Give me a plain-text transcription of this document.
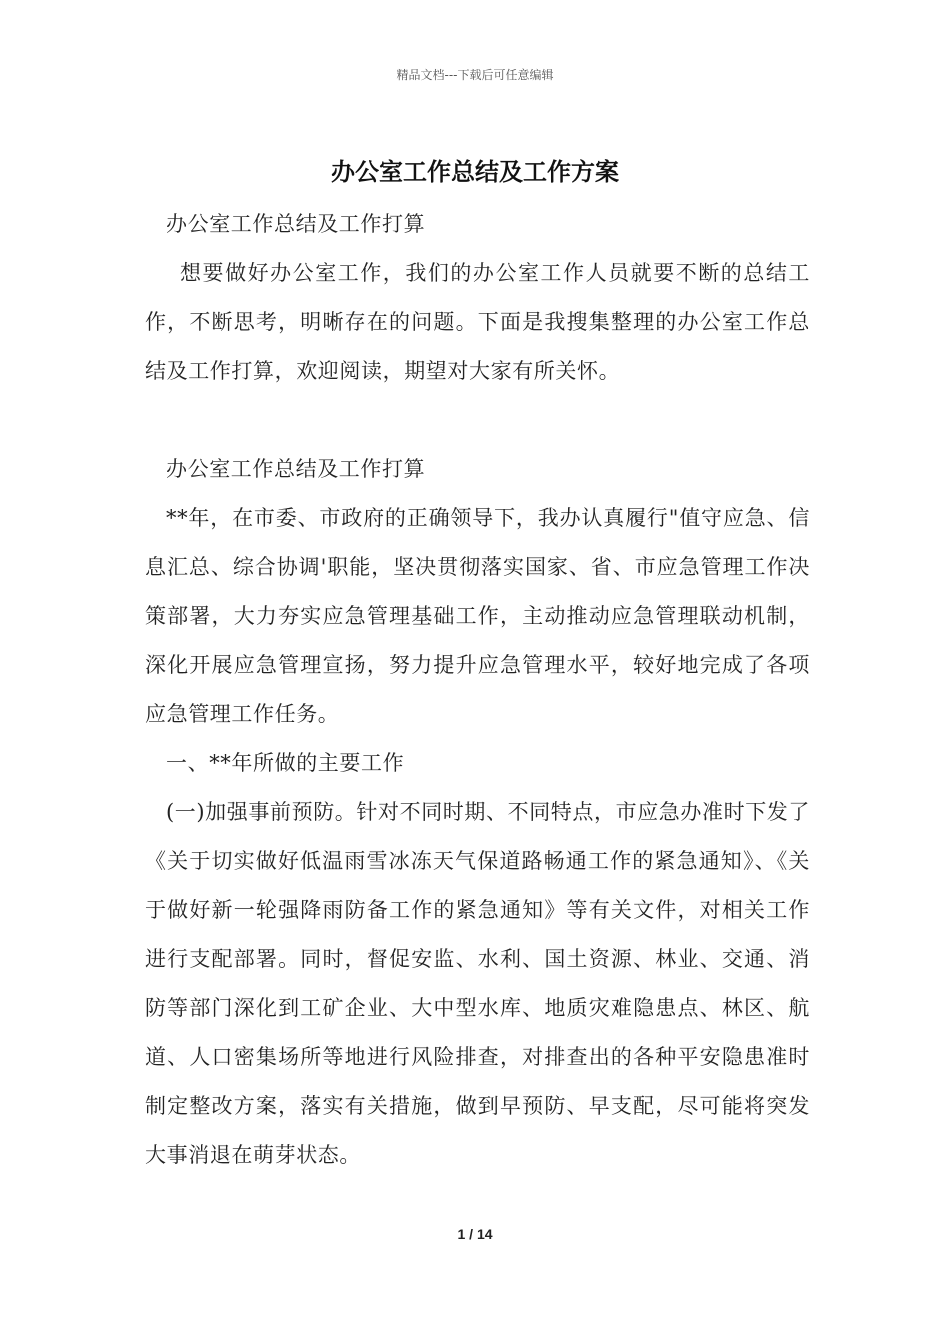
精品文档---下载后可任意编辑
办公室工作总结及工作方案

办公室工作总结及工作打算

想要做好办公室工作，我们的办公室工作人员就要不断的总结工作，不断思考，明晰存在的问题。下面是我搜集整理的办公室工作总结及工作打算，欢迎阅读，期望对大家有所关怀。

办公室工作总结及工作打算

**年，在市委、市政府的正确领导下，我办认真履行"值守应急、信息汇总、综合协调'职能，坚决贯彻落实国家、省、市应急管理工作决策部署，大力夯实应急管理基础工作，主动推动应急管理联动机制，深化开展应急管理宣扬，努力提升应急管理水平，较好地完成了各项应急管理工作任务。

一、**年所做的主要工作

(一)加强事前预防。针对不同时期、不同特点，市应急办准时下发了《关于切实做好低温雨雪冰冻天气保道路畅通工作的紧急通知》、《关于做好新一轮强降雨防备工作的紧急通知》等有关文件，对相关工作进行支配部署。同时，督促安监、水利、国土资源、林业、交通、消防等部门深化到工矿企业、大中型水库、地质灾难隐患点、林区、航道、人口密集场所等地进行风险排查，对排查出的各种平安隐患准时制定整改方案，落实有关措施，做到早预防、早支配，尽可能将突发大事消退在萌芽状态。

1 / 14
